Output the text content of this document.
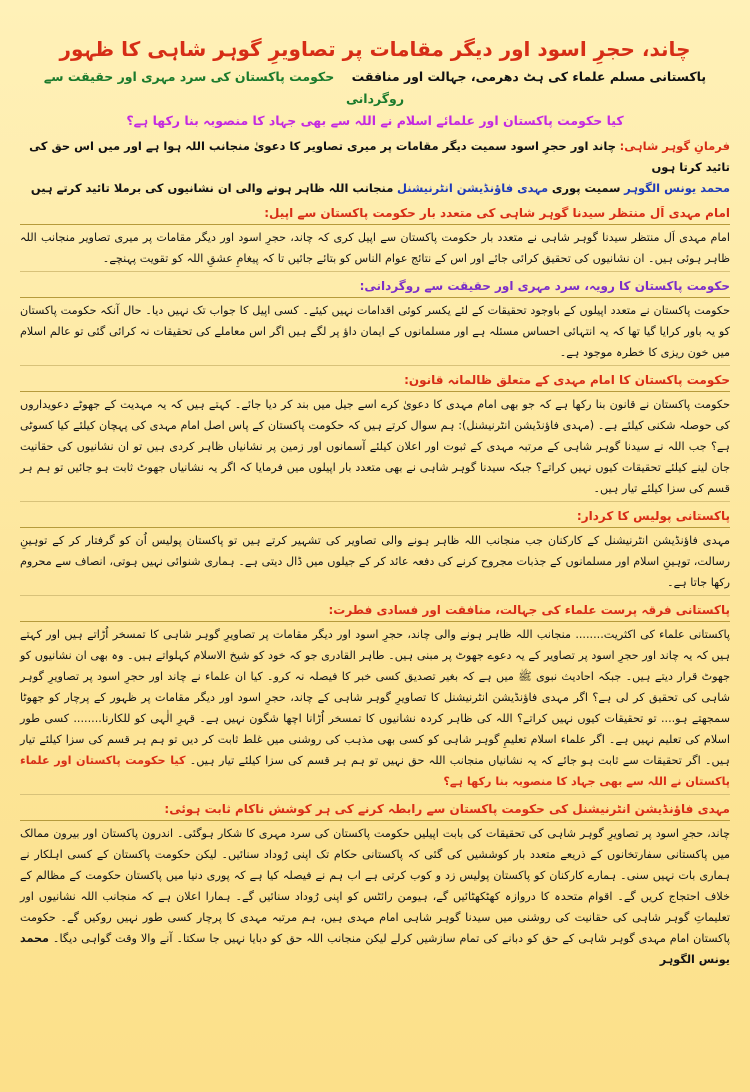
چاند، حجرِ اسود اور دیگر مقامات پر تصاویرِ گوہر شاہی کا ظہور
پاکستانی مسلم علماء کی ہٹ دھرمی، جہالت اور منافقت    حکومت پاکستان کی سرد مہری اور حقیقت سے روگردانی
کیا حکومت پاکستان اور علمائے اسلام نے اللہ سے بھی جہاد کا منصوبہ بنا رکھا ہے؟
فرمانِ گوہر شاہی: چاند اور حجرِ اسود سمیت دیگر مقامات پر میری تصاویر کا دعویٰ منجانب اللہ ہوا ہے اور میں اس حق کی تائید کرتا ہوں
محمد یونس الگوہر سمیت پوری مہدی فاؤنڈیشن انٹرنیشنل منجانب اللہ ظاہر ہونے والی ان نشانیوں کی برملا تائید کرتے ہیں
امام مہدی اَل منتظر سیدنا گوہر شاہی کی متعدد بار حکومت پاکستان سے اپیل:
امام مہدی اَل منتظر سیدنا گوہر شاہی نے متعدد بار حکومت پاکستان سے اپیل کری کہ چاند، حجرِ اسود اور دیگر مقامات پر میری تصاویر منجانب اللہ ظاہر ہوئی ہیں۔ ان نشانیوں کی تحقیق کرائی جائے اور اس کے نتائج عوام الناس کو بتائے جائیں تا کہ پیغامِ عشقِ اللہ کو تقویت پہنچے۔
حکومت پاکستان کا رویہ، سرد مہری اور حقیقت سے روگردانی:
حکومت پاکستان نے متعدد اپیلوں کے باوجود تحقیقات کے لئے یکسر کوئی اقدامات نہیں کیئے۔ کسی اپیل کا جواب تک نہیں دیا۔ حال آنکہ حکومت پاکستان کو یہ باور کرایا گیا تھا کہ یہ انتہائی احساس مسئلہ ہے اور مسلمانوں کے ایمان داؤ پر لگے ہیں اگر اس معاملے کی تحقیقات نہ کرائی گئی تو عالم اسلام میں خون ریزی کا خطرہ موجود ہے۔
حکومت پاکستان کا امام مہدی کے متعلق ظالمانہ قانون:
حکومت پاکستان نے قانون بنا رکھا ہے کہ جو بھی امام مہدی کا دعویٰ کرے اسے جیل میں بند کر دیا جائے۔ کہتے ہیں کہ یہ مہدیت کے جھوٹے دعویداروں کی حوصلہ شکنی کیلئے ہے۔ (مہدی فاؤنڈیشن انٹرنیشنل): ہم سوال کرتے ہیں کہ حکومت پاکستان کے پاس اصل امام مہدی کی پہچان کیلئے کیا کسوٹی ہے؟ جب اللہ نے سیدنا گوہر شاہی کے مرتبہ مہدی کے ثبوت اور اعلان کیلئے آسمانوں اور زمین پر نشانیاں ظاہر کردی ہیں تو ان نشانیوں کی حقانیت جان لینے کیلئے تحقیقات کیوں نہیں کراتے؟ جبکہ سیدنا گوہر شاہی نے بھی متعدد بار اپیلوں میں فرمایا کہ اگر یہ نشانیاں جھوٹ ثابت ہو جائیں تو ہم ہر قسم کی سزا کیلئے تیار ہیں۔
پاکستانی پولیس کا کردار:
مہدی فاؤنڈیشن انٹرنیشنل کے کارکنان جب منجانب اللہ ظاہر ہونے والی تصاویر کی تشہیر کرتے ہیں تو پاکستان پولیس اُن کو گرفتار کر کے توہینِ رسالت، توہینِ اسلام اور مسلمانوں کے جذبات مجروح کرنے کی دفعہ عائد کر کے جیلوں میں ڈال دیتی ہے۔ ہماری شنوائی نہیں ہوتی، انصاف سے محروم رکھا جاتا ہے۔
پاکستانی فرقہ پرست علماء کی جہالت، منافقت اور فسادی فطرت:
پاکستانی علماء کی اکثریت........ منجانب اللہ ظاہر ہونے والی چاند، حجرِ اسود اور دیگر مقامات پر تصاویرِ گوہر شاہی کا تمسخر اُڑاتے ہیں اور کہتے ہیں کہ یہ چاند اور حجرِ اسود پر تصاویر کے یہ دعوے جھوٹ پر مبنی ہیں۔ طاہر القادری جو کہ خود کو شیخ الاسلام کہلواتے ہیں۔ وہ بھی ان نشانیوں کو جھوٹ قرار دیتے ہیں۔ جبکہ احادیث نبوی ﷺ میں ہے کہ بغیر تصدیق کسی خبر کا فیصلہ نہ کرو۔ کیا ان علماء نے چاند اور حجرِ اسود پر تصاویرِ گوہر شاہی کی تحقیق کر لی ہے؟ اگر مہدی فاؤنڈیشن انٹرنیشنل کا تصاویرِ گوہر شاہی کے چاند، حجرِ اسود اور دیگر مقامات پر ظہور کے پرچار کو جھوٹا سمجھتے ہو.... تو تحقیقات کیوں نہیں کراتے؟ اللہ کی ظاہر کردہ نشانیوں کا تمسخر اُڑانا اچھا شگون نہیں ہے۔ قہرِ الٰہی کو للکارنا........ کسی طور اسلام کی تعلیم نہیں ہے۔ اگر علماء اسلام تعلیمِ گوہر شاہی کو کسی بھی مذہب کی روشنی میں غلط ثابت کر دیں تو ہم ہر قسم کی سزا کیلئے تیار ہیں۔ اگر تحقیقات سے ثابت ہو جائے کہ یہ نشانیاں منجانب اللہ حق نہیں تو ہم ہر قسم کی سزا کیلئے تیار ہیں۔ کیا حکومت پاکستان اور علماء پاکستان نے اللہ سے بھی جہاد کا منصوبہ بنا رکھا ہے؟
مہدی فاؤنڈیشن انٹرنیشنل کی حکومت پاکستان سے رابطہ کرنے کی ہر کوشش ناکام ثابت ہوئی:
چاند، حجرِ اسود پر تصاویرِ گوہر شاہی کی تحقیقات کی بابت اپیلیں حکومت پاکستان کی سرد مہری کا شکار ہوگئی۔ اندرون پاکستان اور بیرون ممالک میں پاکستانی سفارتخانوں کے ذریعے متعدد بار کوششیں کی گئی کہ پاکستانی حکام تک اپنی رُوداد سنائیں۔ لیکن حکومت پاکستان کے کسی اہلکار نے ہماری بات نہیں سنی۔ ہمارے کارکنان کو پاکستان پولیس زد و کوب کرتی ہے اب ہم نے فیصلہ کیا ہے کہ پوری دنیا میں پاکستان حکومت کے مظالم کے خلاف احتجاج کریں گے۔ اقوام متحدہ کا دروازہ کھٹکھٹائیں گے، ہیومن رائٹس کو اپنی رُوداد سنائیں گے۔ ہمارا اعلان ہے کہ منجانب اللہ نشانیوں اور تعلیماتِ گوہر شاہی کی حقانیت کی روشنی میں سیدنا گوہر شاہی امام مہدی ہیں، ہم مرتبہ مہدی کا پرچار کسی طور نہیں روکیں گے۔ حکومت پاکستان امام مہدی گوہر شاہی کے حق کو دبانے کی تمام سازشیں کرلے لیکن منجانب اللہ حق کو دبایا نہیں جا سکتا۔ آنے والا وقت گواہی دیگا۔ محمد یونس الگوہر
